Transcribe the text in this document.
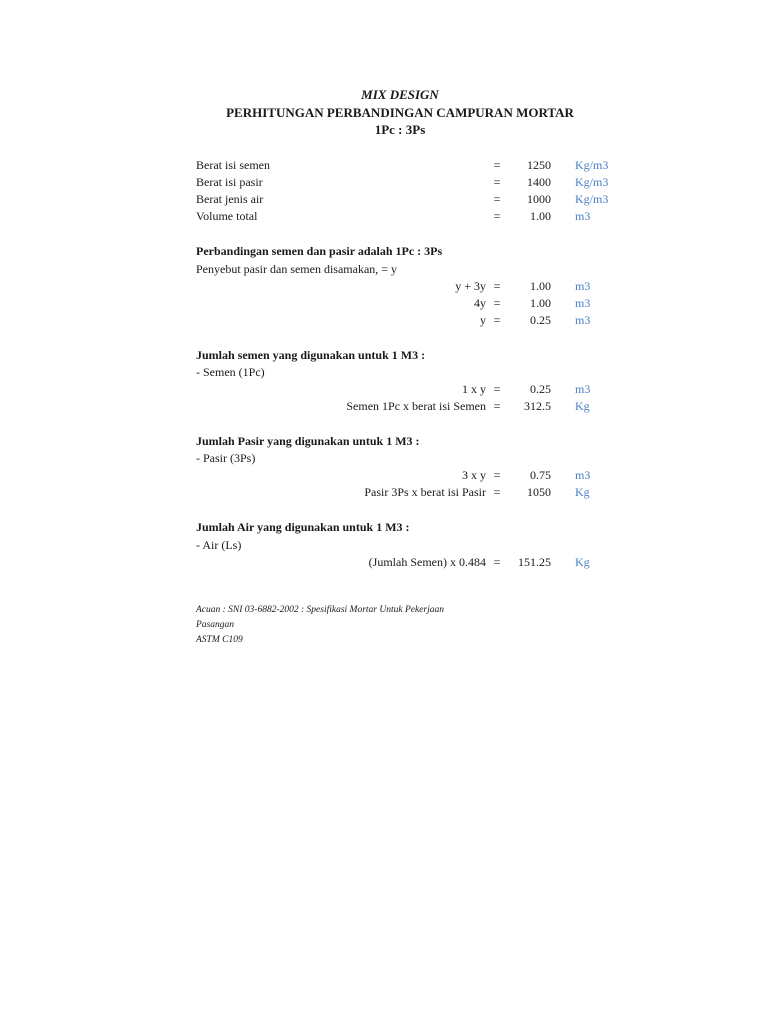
MIX DESIGN
PERHITUNGAN PERBANDINGAN CAMPURAN MORTAR
1Pc : 3Ps
Berat isi semen	= 1250 Kg/m3
Berat isi pasir	= 1400 Kg/m3
Berat jenis air	= 1000 Kg/m3
Volume total	= 1.00 m3
Perbandingan semen dan pasir adalah 1Pc : 3Ps
Penyebut pasir dan semen disamakan, = y
y + 3y = 1.00 m3
4y = 1.00 m3
y = 0.25 m3
Jumlah semen yang digunakan untuk 1 M3 :
- Semen (1Pc)
1 x y = 0.25 m3
Semen 1Pc x berat isi Semen = 312.5 Kg
Jumlah Pasir yang digunakan untuk 1 M3 :
- Pasir (3Ps)
3 x y = 0.75 m3
Pasir 3Ps x berat isi Pasir = 1050 Kg
Jumlah Air yang digunakan untuk 1 M3 :
- Air (Ls)
(Jumlah Semen) x 0.484 = 151.25 Kg
Acuan : SNI 03-6882-2002 : Spesifikasi Mortar Untuk Pekerjaan
Pasangan
ASTM C109
